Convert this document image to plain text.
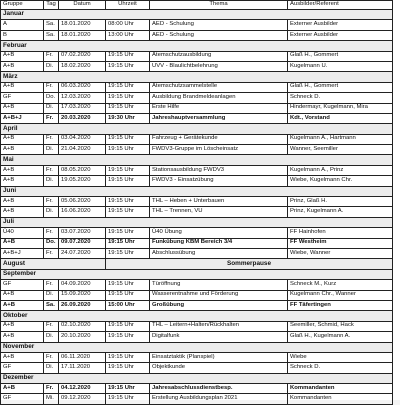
Gruppe	Tag	Datum	Uhrzeit	Thema	Ausbilder/Referent
Januar					
A	Sa.	18.01.2020	08:00 Uhr	AED - Schulung	Externer Ausbilder
B	Sa.	18.01.2020	13:00 Uhr	AED - Schulung	Externer Ausbilder
Februar					
A+B	Fr.	07.02.2020	19:15 Uhr	Atemschutzausbildung	Glaß H., Gommert
A+B	Di.	18.02.2020	19:15 Uhr	UVV - Blaulichtbelehrung	Kugelmann U.
März					
A+B	Fr.	06.03.2020	19:15 Uhr	Atemschutzsammelstelle	Glaß H., Gommert
GF	Do.	12.03.2020	19:15 Uhr	Ausbildung Brandmeldeanlagen	Schneck D.
A+B	Di.	17.03.2020	19:15 Uhr	Erste Hilfe	Hindermayr, Kugelmann, Mira
A+B+J	Fr.	20.03.2020	19:30 Uhr	Jahreshauptversammlung	Kdt., Vorstand
April					
A+B	Fr.	03.04.2020	19:15 Uhr	Fahrzeug + Gerätekunde	Kugelmann A., Hartmann
A+B	Di.	21.04.2020	19:15 Uhr	FWDV3-Gruppe im Löscheinsatz	Wanner, Seemiller
Mai					
A+B	Fr.	08.05.2020	19:15 Uhr	Stationsausbildung FWDV3	Kugelmann A., Prinz
A+B	Di.	19.05.2020	19:15 Uhr	FWDV3 - Einsatzübung	Wiebe, Kugelmann Chr.
Juni					
A+B	Fr.	05.06.2020	19:15 Uhr	THL – Heben + Unterbauen	Prinz, Glaß H.
A+B	Di.	16.06.2020	19:15 Uhr	THL – Trennen, VU	Prinz, Kugelmann A.
Juli					
Ü40	Fr.	03.07.2020	19:15 Uhr	Ü40 Übung	FF Hainhofen
A+B	Do.	09.07.2020	19:15 Uhr	Funkübung KBM Bereich 3/4	FF Westheim
A+B+J	Fr.	24.07.2020	19:15 Uhr	Abschlussübung	Wiebe, Wanner
August			Sommerpause		
September					
GF	Fr.	04.09.2020	19:15 Uhr	Türöffnung	Schneck M., Kurz
A+B	Di.	15.09.2020	19:15 Uhr	Wasserentnahme und Förderung	Kugelmann Chr., Wanner
A+B	Sa.	26.09.2020	15:00 Uhr	Großübung	FF Täfertingen
Oktober					
A+B	Fr.	02.10.2020	19:15 Uhr	THL – Leitern+Halten/Rückhalten	Seemiller, Schmid, Hack
A+B	Di.	20.10.2020	19:15 Uhr	Digitalfunk	Glaß H., Kugelmann A.
November					
A+B	Fr.	06.11.2020	19:15 Uhr	Einsatztaktik (Planspiel)	Wiebe
GF	Di.	17.11.2020	19:15 Uhr	Objektkunde	Schneck D.
Dezember					
A+B	Fr.	04.12.2020	19:15 Uhr	Jahresabschlussdienstbesp.	Kommandanten
GF	Mi.	09.12.2020	19:15 Uhr	Erstellung Ausbildungsplan 2021	Kommandanten
